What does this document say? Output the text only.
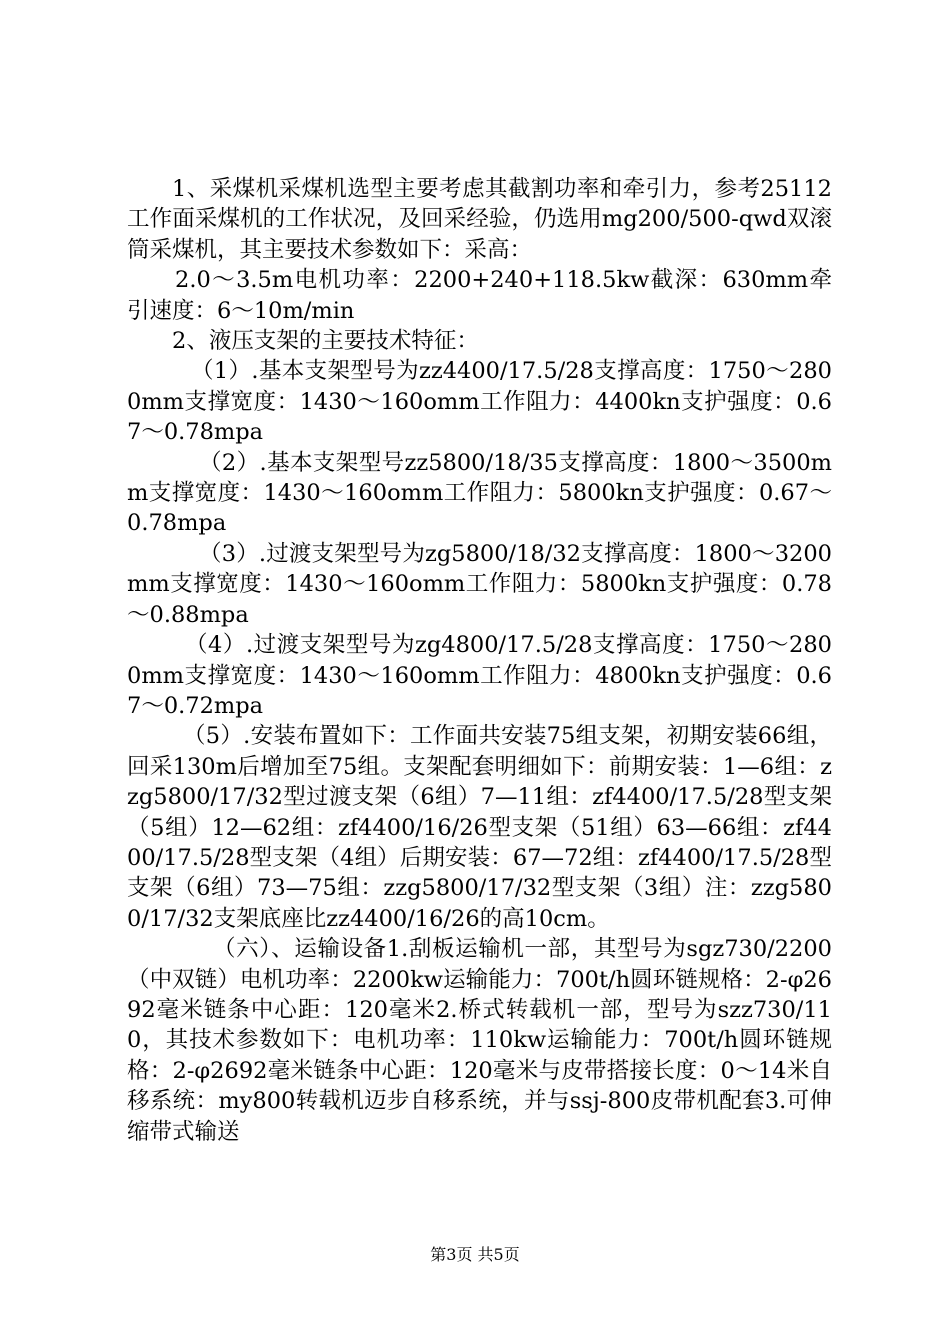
1、采煤机采煤机选型主要考虑其截割功率和牵引力，参考25112工作面采煤机的工作状况，及回采经验，仍选用mg200/500-qwd双滚筒采煤机，其主要技术参数如下：采高：

2.0～3.5m电机功率：2200+240+118.5kw截深：630mm牵引速度：6～10m/min

2、液压支架的主要技术特征：

（1）.基本支架型号为zz4400/17.5/28支撑高度：1750～2800mm支撑宽度：1430～160omm工作阻力：4400kn支护强度：0.67～0.78mpa

（2）.基本支架型号zz5800/18/35支撑高度：1800～3500mm支撑宽度：1430～160omm工作阻力：5800kn支护强度：0.67～0.78mpa

（3）.过渡支架型号为zg5800/18/32支撑高度：1800～3200mm支撑宽度：1430～160omm工作阻力：5800kn支护强度：0.78～0.88mpa

（4）.过渡支架型号为zg4800/17.5/28支撑高度：1750～2800mm支撑宽度：1430～160omm工作阻力：4800kn支护强度：0.67～0.72mpa

（5）.安装布置如下：工作面共安装75组支架，初期安装66组，回采130m后增加至75组。支架配套明细如下：前期安装：1—6组：zzg5800/17/32型过渡支架（6组）7—11组：zf4400/17.5/28型支架（5组）12—62组：zf4400/16/26型支架（51组）63—66组：zf4400/17.5/28型支架（4组）后期安装：67—72组：zf4400/17.5/28型支架（6组）73—75组：zzg5800/17/32型支架（3组）注：zzg5800/17/32支架底座比zz4400/16/26的高10cm。

（六）、运输设备1.刮板运输机一部，其型号为sgz730/2200（中双链）电机功率：2200kw运输能力：700t/h圆环链规格：2-φ2692毫米链条中心距：120毫米2.桥式转载机一部，型号为szz730/110，其技术参数如下：电机功率：110kw运输能力：700t/h圆环链规格：2-φ2692毫米链条中心距：120毫米与皮带搭接长度：0～14米自移系统：my800转载机迈步自移系统，并与ssj-800皮带机配套3.可伸缩带式输送

第3页 共5页
